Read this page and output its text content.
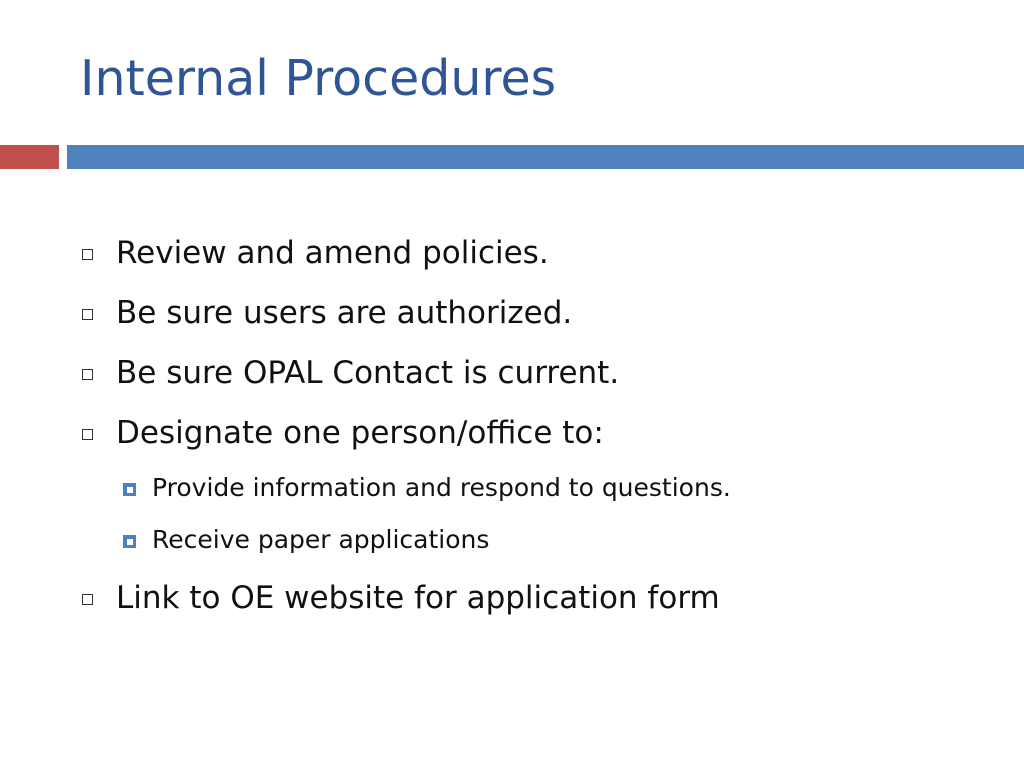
Internal Procedures
Review and amend policies.
Be sure users are authorized.
Be sure OPAL Contact is current.
Designate one person/office to:
Provide information and respond to questions.
Receive paper applications
Link to OE website for application form
